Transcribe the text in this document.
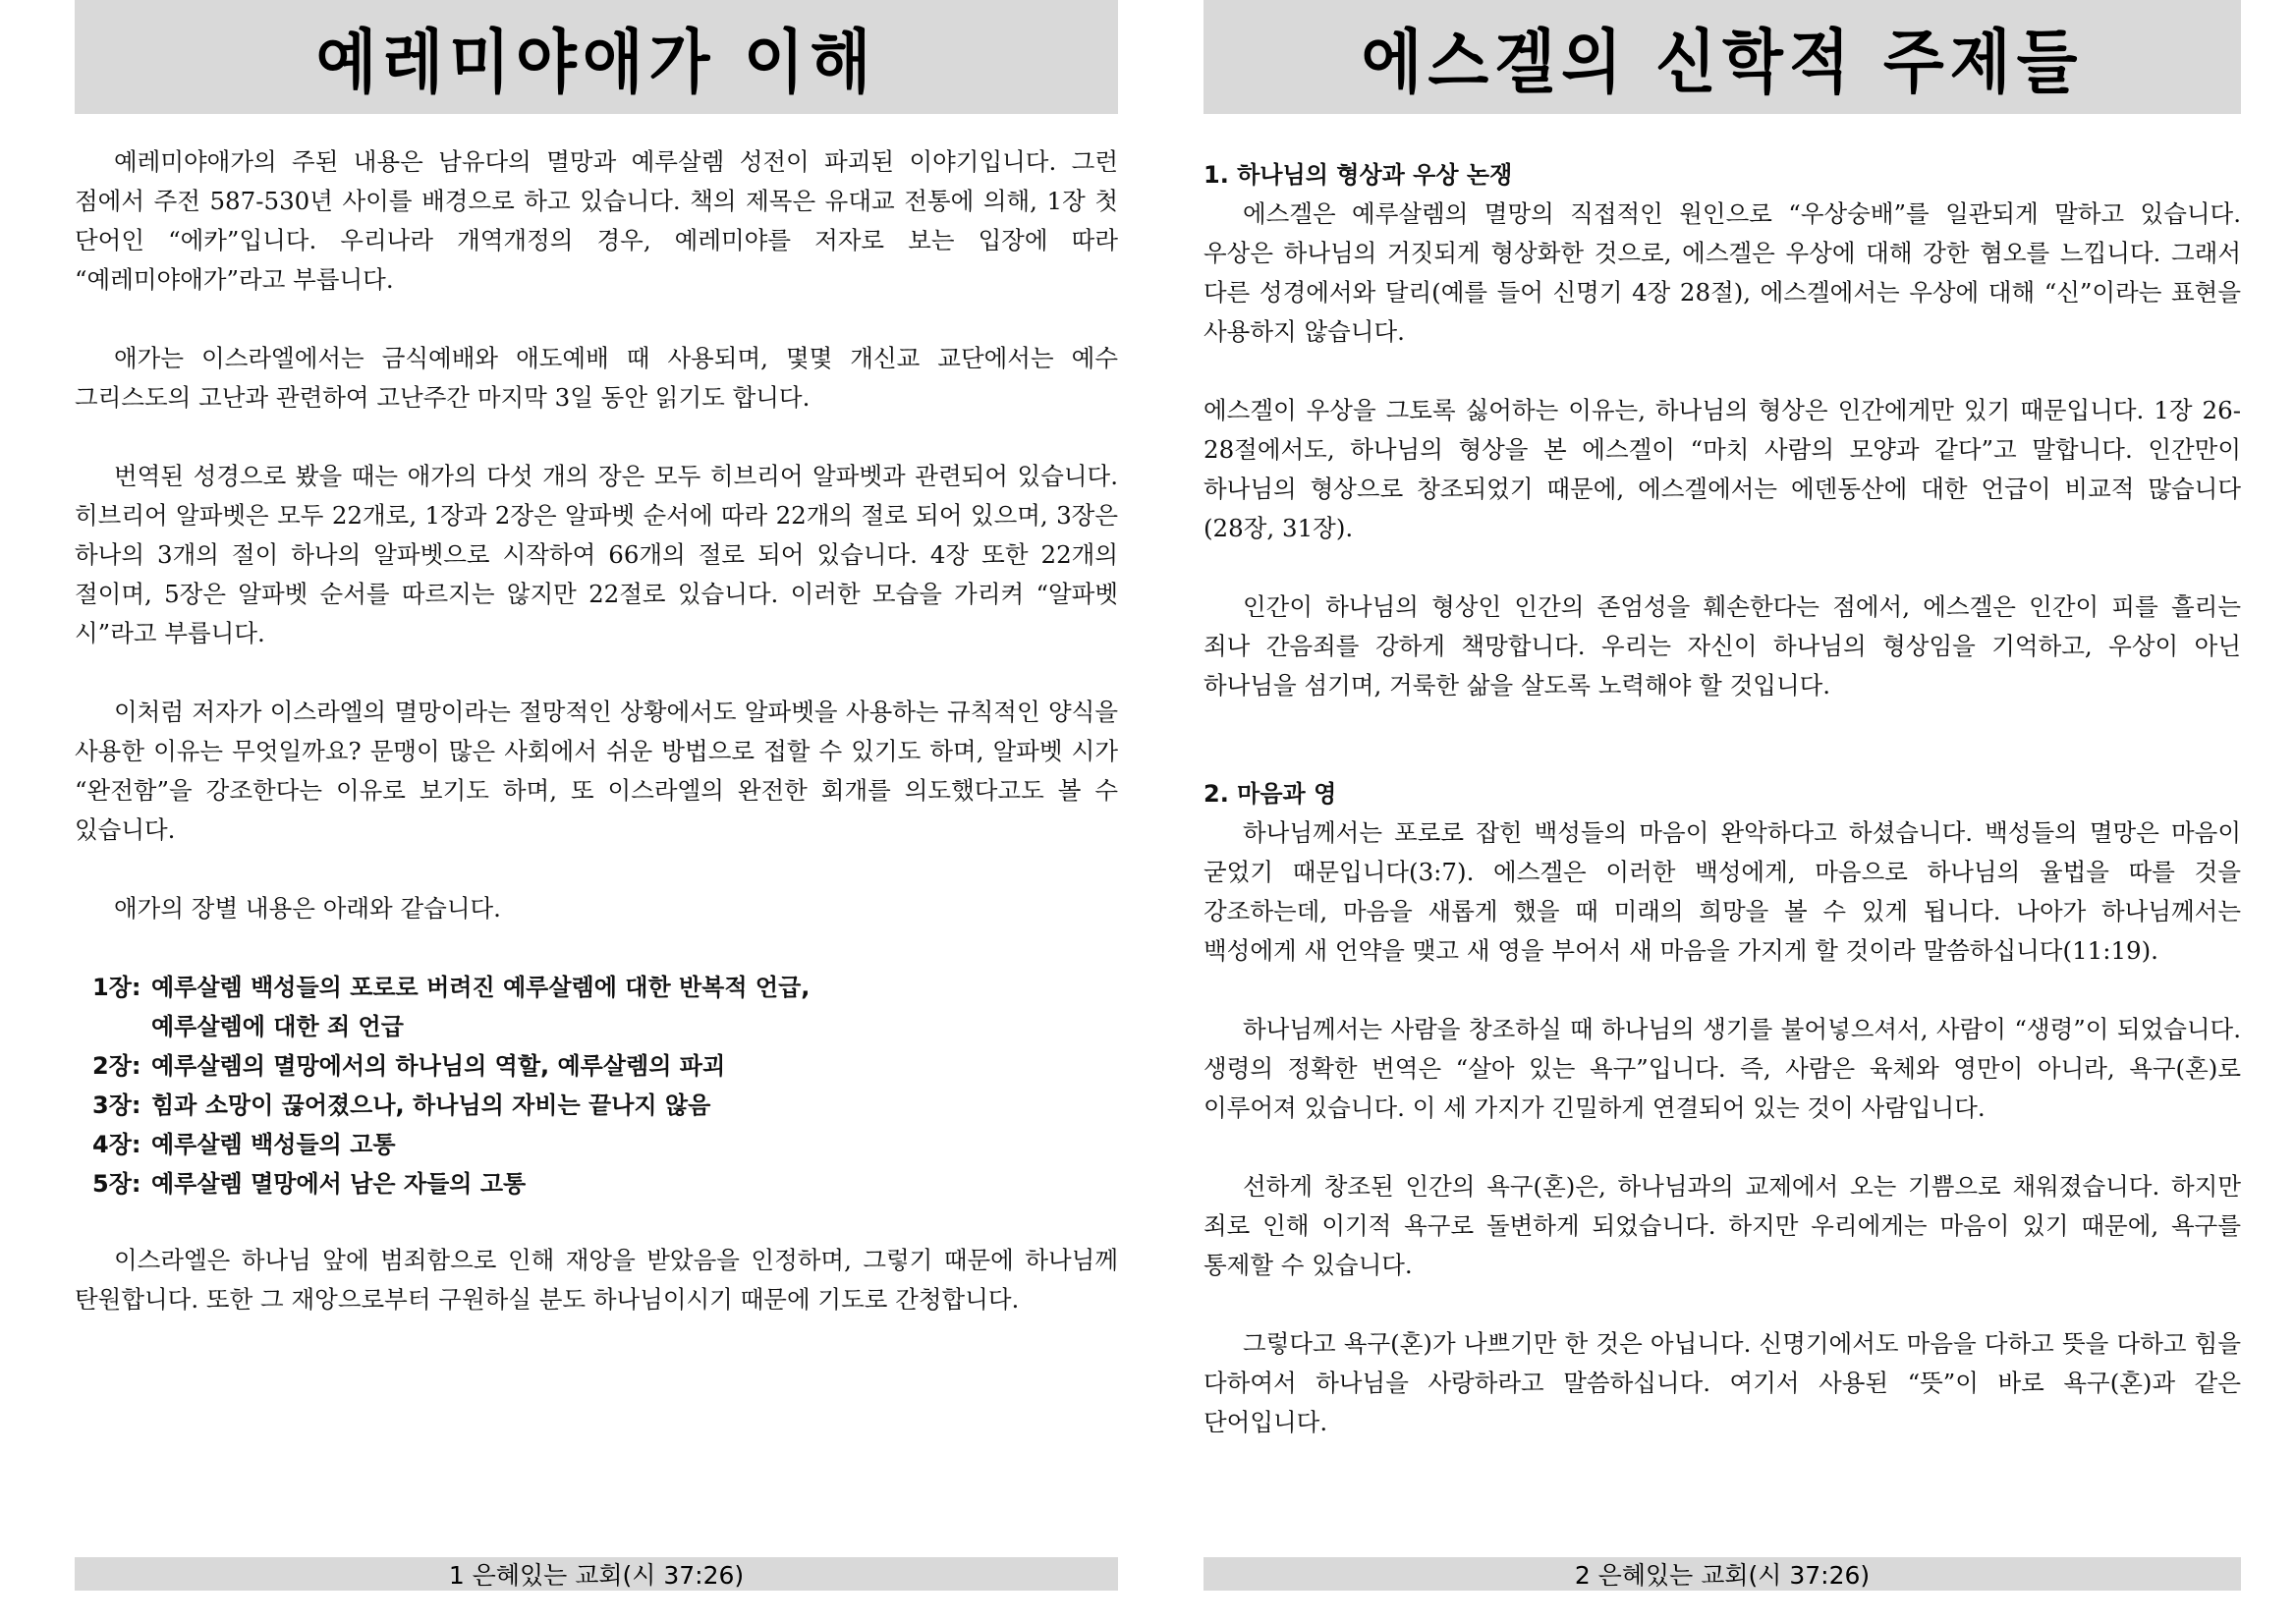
예레미야애가 이해

예레미야애가의 주된 내용은 남유다의 멸망과 예루살렘 성전이 파괴된 이야기입니다. 그런 점에서 주전 587-530년 사이를 배경으로 하고 있습니다. 책의 제목은 유대교 전통에 의해, 1장 첫 단어인 “에카”입니다. 우리나라 개역개정의 경우, 예레미야를 저자로 보는 입장에 따라 “예레미야애가”라고 부릅니다.

애가는 이스라엘에서는 금식예배와 애도예배 때 사용되며, 몇몇 개신교 교단에서는 예수 그리스도의 고난과 관련하여 고난주간 마지막 3일 동안 읽기도 합니다.

번역된 성경으로 봤을 때는 애가의 다섯 개의 장은 모두 히브리어 알파벳과 관련되어 있습니다. 히브리어 알파벳은 모두 22개로, 1장과 2장은 알파벳 순서에 따라 22개의 절로 되어 있으며, 3장은 하나의 3개의 절이 하나의 알파벳으로 시작하여 66개의 절로 되어 있습니다. 4장 또한 22개의 절이며, 5장은 알파벳 순서를 따르지는 않지만 22절로 있습니다. 이러한 모습을 가리켜 “알파벳 시”라고 부릅니다.

이처럼 저자가 이스라엘의 멸망이라는 절망적인 상황에서도 알파벳을 사용하는 규칙적인 양식을 사용한 이유는 무엇일까요? 문맹이 많은 사회에서 쉬운 방법으로 접할 수 있기도 하며, 알파벳 시가 “완전함”을 강조한다는 이유로 보기도 하며, 또 이스라엘의 완전한 회개를 의도했다고도 볼 수 있습니다.

애가의 장별 내용은 아래와 같습니다.

1장: 예루살렘 백성들의 포로로 버려진 예루살렘에 대한 반복적 언급,
예루살렘에 대한 죄 언급
2장: 예루살렘의 멸망에서의 하나님의 역할, 예루살렘의 파괴
3장: 힘과 소망이 끊어졌으나, 하나님의 자비는 끝나지 않음
4장: 예루살렘 백성들의 고통
5장: 예루살렘 멸망에서 남은 자들의 고통

이스라엘은 하나님 앞에 범죄함으로 인해 재앙을 받았음을 인정하며, 그렇기 때문에 하나님께 탄원합니다. 또한 그 재앙으로부터 구원하실 분도 하나님이시기 때문에 기도로 간청합니다.

1 은혜있는 교회(시 37:26)
에스겔의 신학적 주제들
1. 하나님의 형상과 우상 논쟁

에스겔은 예루살렘의 멸망의 직접적인 원인으로 “우상숭배”를 일관되게 말하고 있습니다. 우상은 하나님의 거짓되게 형상화한 것으로, 에스겔은 우상에 대해 강한 혐오를 느낍니다. 그래서 다른 성경에서와 달리(예를 들어 신명기 4장 28절), 에스겔에서는 우상에 대해 “신”이라는 표현을 사용하지 않습니다.

에스겔이 우상을 그토록 싫어하는 이유는, 하나님의 형상은 인간에게만 있기 때문입니다. 1장 26-28절에서도, 하나님의 형상을 본 에스겔이 “마치 사람의 모양과 같다”고 말합니다. 인간만이 하나님의 형상으로 창조되었기 때문에, 에스겔에서는 에덴동산에 대한 언급이 비교적 많습니다(28장, 31장).

인간이 하나님의 형상인 인간의 존엄성을 훼손한다는 점에서, 에스겔은 인간이 피를 흘리는 죄나 간음죄를 강하게 책망합니다. 우리는 자신이 하나님의 형상임을 기억하고, 우상이 아닌 하나님을 섬기며, 거룩한 삶을 살도록 노력해야 할 것입니다.

2. 마음과 영

하나님께서는 포로로 잡힌 백성들의 마음이 완악하다고 하셨습니다. 백성들의 멸망은 마음이 굳었기 때문입니다(3:7). 에스겔은 이러한 백성에게, 마음으로 하나님의 율법을 따를 것을 강조하는데, 마음을 새롭게 했을 때 미래의 희망을 볼 수 있게 됩니다. 나아가 하나님께서는 백성에게 새 언약을 맺고 새 영을 부어서 새 마음을 가지게 할 것이라 말씀하십니다(11:19).

하나님께서는 사람을 창조하실 때 하나님의 생기를 불어넣으셔서, 사람이 “생령”이 되었습니다. 생령의 정확한 번역은 “살아 있는 욕구”입니다. 즉, 사람은 육체와 영만이 아니라, 욕구(혼)로 이루어져 있습니다. 이 세 가지가 긴밀하게 연결되어 있는 것이 사람입니다.

선하게 창조된 인간의 욕구(혼)은, 하나님과의 교제에서 오는 기쁨으로 채워졌습니다. 하지만 죄로 인해 이기적 욕구로 돌변하게 되었습니다. 하지만 우리에게는 마음이 있기 때문에, 욕구를 통제할 수 있습니다.

그렇다고 욕구(혼)가 나쁘기만 한 것은 아닙니다. 신명기에서도 마음을 다하고 뜻을 다하고 힘을 다하여서 하나님을 사랑하라고 말씀하십니다. 여기서 사용된 “뜻”이 바로 욕구(혼)과 같은 단어입니다.

2 은혜있는 교회(시 37:26)
